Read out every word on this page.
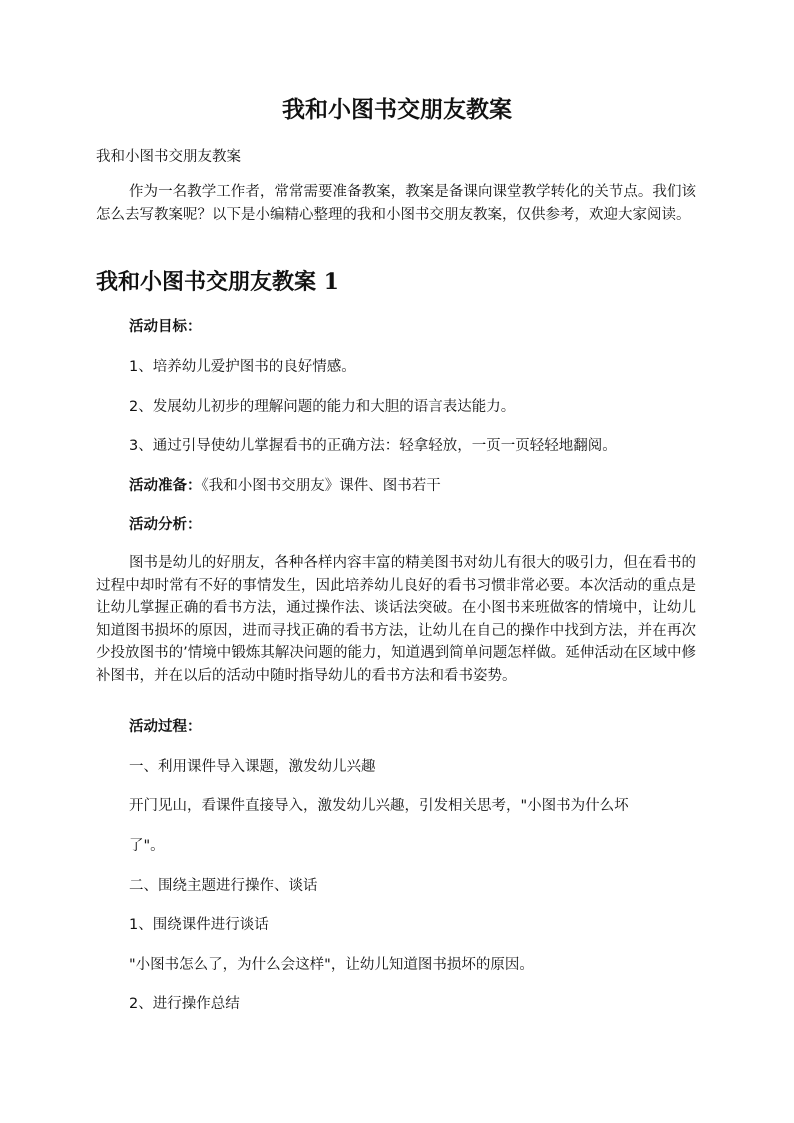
我和小图书交朋友教案

我和小图书交朋友教案

作为一名教学工作者，常常需要准备教案，教案是备课向课堂教学转化的关节点。我们该怎么去写教案呢？以下是小编精心整理的我和小图书交朋友教案，仅供参考，欢迎大家阅读。

我和小图书交朋友教案 1

活动目标：

1、培养幼儿爱护图书的良好情感。

2、发展幼儿初步的理解问题的能力和大胆的语言表达能力。

3、通过引导使幼儿掌握看书的正确方法：轻拿轻放，一页一页轻轻地翻阅。

活动准备：《我和小图书交朋友》课件、图书若干

活动分析：

图书是幼儿的好朋友，各种各样内容丰富的精美图书对幼儿有很大的吸引力，但在看书的过程中却时常有不好的事情发生，因此培养幼儿良好的看书习惯非常必要。本次活动的重点是让幼儿掌握正确的看书方法，通过操作法、谈话法突破。在小图书来班做客的情境中，让幼儿知道图书损坏的原因，进而寻找正确的看书方法，让幼儿在自己的操作中找到方法，并在再次少投放图书的’情境中锻炼其解决问题的能力，知道遇到简单问题怎样做。延伸活动在区域中修补图书，并在以后的活动中随时指导幼儿的看书方法和看书姿势。

活动过程：

一、利用课件导入课题，激发幼儿兴趣

开门见山，看课件直接导入，激发幼儿兴趣，引发相关思考，"小图书为什么坏

了"。

二、围绕主题进行操作、谈话

1、围绕课件进行谈话

"小图书怎么了，为什么会这样"，让幼儿知道图书损坏的原因。

2、进行操作总结
